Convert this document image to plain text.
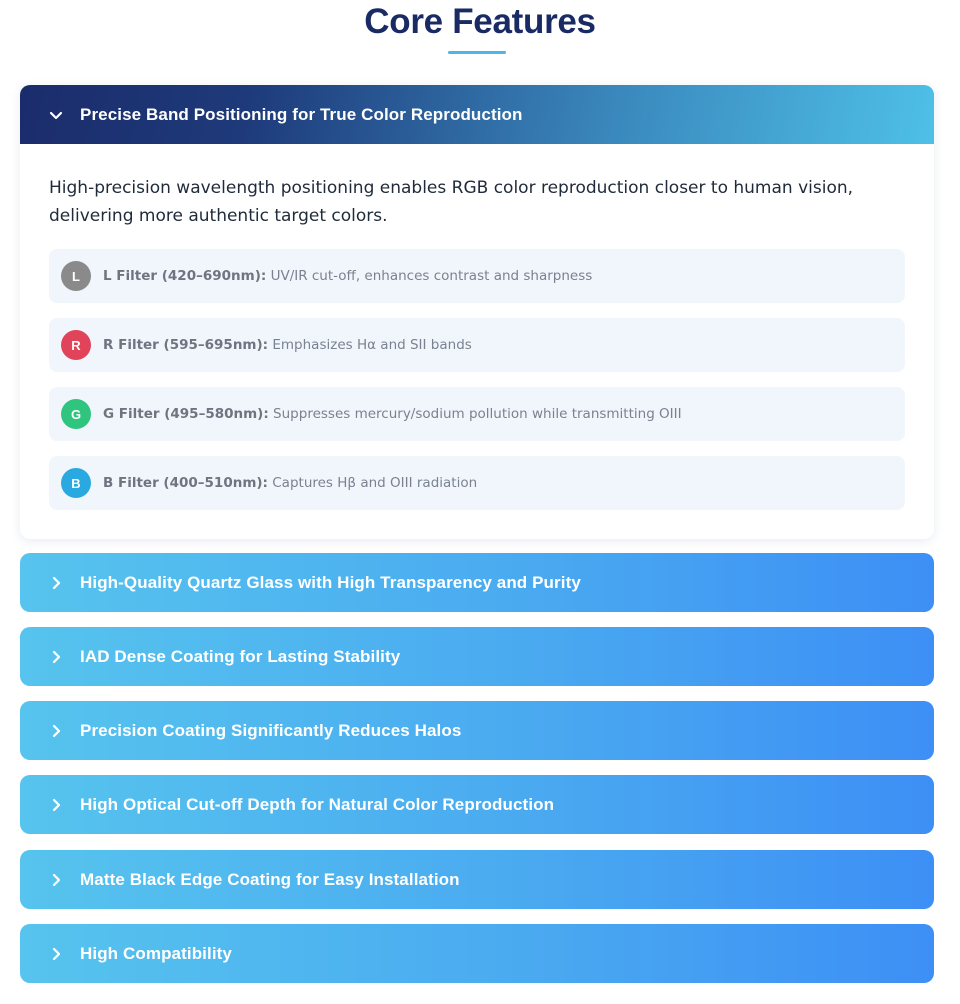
Core Features
Precise Band Positioning for True Color Reproduction

High-precision wavelength positioning enables RGB color reproduction closer to human vision, delivering more authentic target colors.

L	L Filter (420–690nm): UV/IR cut-off, enhances contrast and sharpness
R	R Filter (595–695nm): Emphasizes Hα and SII bands
G	G Filter (495–580nm): Suppresses mercury/sodium pollution while transmitting OIII
B	B Filter (400–510nm): Captures Hβ and OIII radiation
High-Quality Quartz Glass with High Transparency and Purity
IAD Dense Coating for Lasting Stability
Precision Coating Significantly Reduces Halos
High Optical Cut-off Depth for Natural Color Reproduction
Matte Black Edge Coating for Easy Installation
High Compatibility
